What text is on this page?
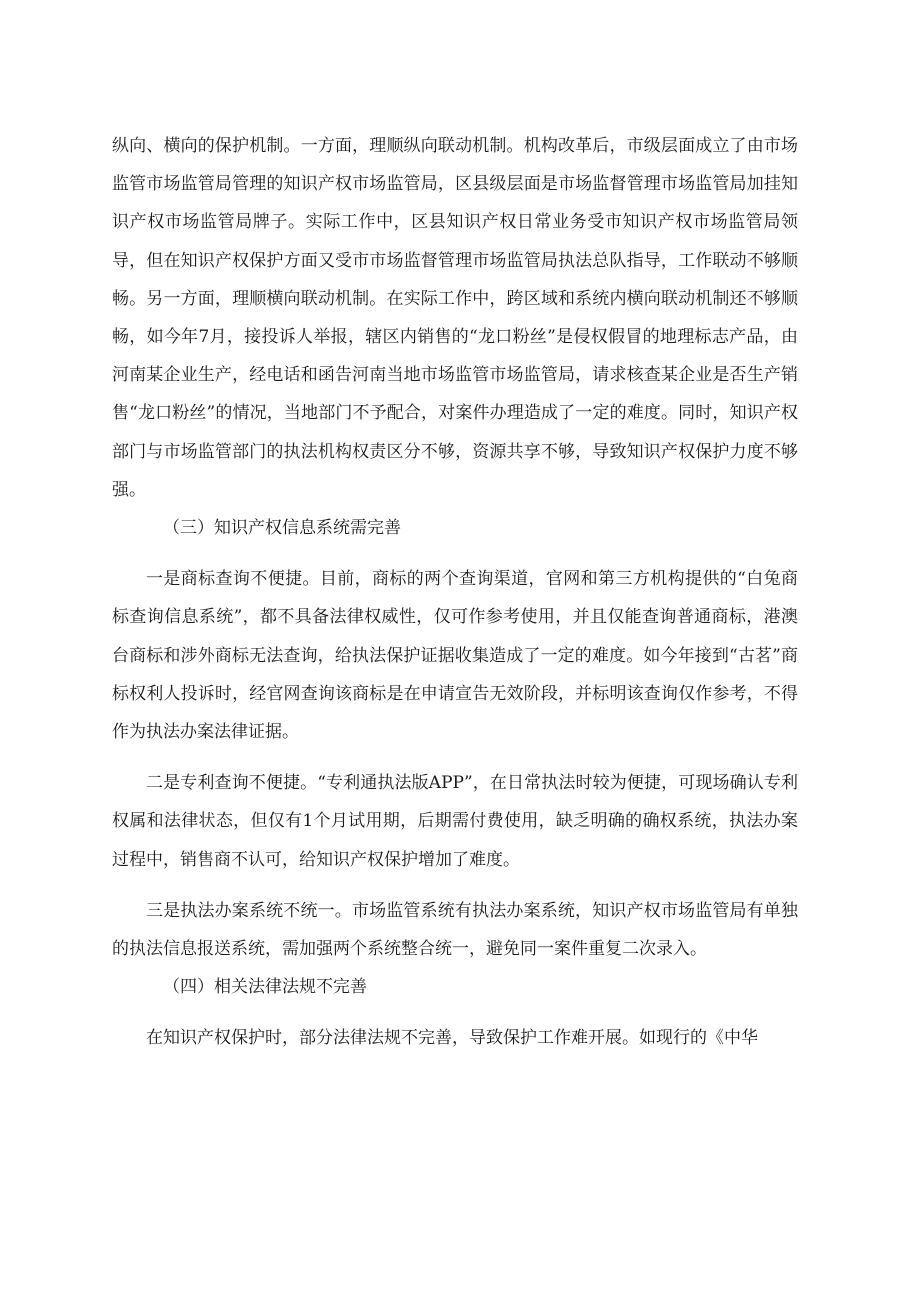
纵向、横向的保护机制。一方面，理顺纵向联动机制。机构改革后，市级层面成立了由市场监管市场监管局管理的知识产权市场监管局，区县级层面是市场监督管理市场监管局加挂知识产权市场监管局牌子。实际工作中，区县知识产权日常业务受市知识产权市场监管局领导，但在知识产权保护方面又受市市场监督管理市场监管局执法总队指导，工作联动不够顺畅。另一方面，理顺横向联动机制。在实际工作中，跨区域和系统内横向联动机制还不够顺畅，如今年7月，接投诉人举报，辖区内销售的“龙口粉丝”是侵权假冒的地理标志产品，由河南某企业生产，经电话和函告河南当地市场监管市场监管局，请求核查某企业是否生产销售“龙口粉丝”的情况，当地部门不予配合，对案件办理造成了一定的难度。同时，知识产权部门与市场监管部门的执法机构权责区分不够，资源共享不够，导致知识产权保护力度不够强。

（三）知识产权信息系统需完善

一是商标查询不便捷。目前，商标的两个查询渠道，官网和第三方机构提供的“白兔商标查询信息系统”，都不具备法律权威性，仅可作参考使用，并且仅能查询普通商标，港澳台商标和涉外商标无法查询，给执法保护证据收集造成了一定的难度。如今年接到“古茗”商标权利人投诉时，经官网查询该商标是在申请宣告无效阶段，并标明该查询仅作参考，不得作为执法办案法律证据。

二是专利查询不便捷。“专利通执法版APP”，在日常执法时较为便捷，可现场确认专利权属和法律状态，但仅有1个月试用期，后期需付费使用，缺乏明确的确权系统，执法办案过程中，销售商不认可，给知识产权保护增加了难度。

三是执法办案系统不统一。市场监管系统有执法办案系统，知识产权市场监管局有单独的执法信息报送系统，需加强两个系统整合统一，避免同一案件重复二次录入。

（四）相关法律法规不完善

在知识产权保护时，部分法律法规不完善，导致保护工作难开展。如现行的《中华
